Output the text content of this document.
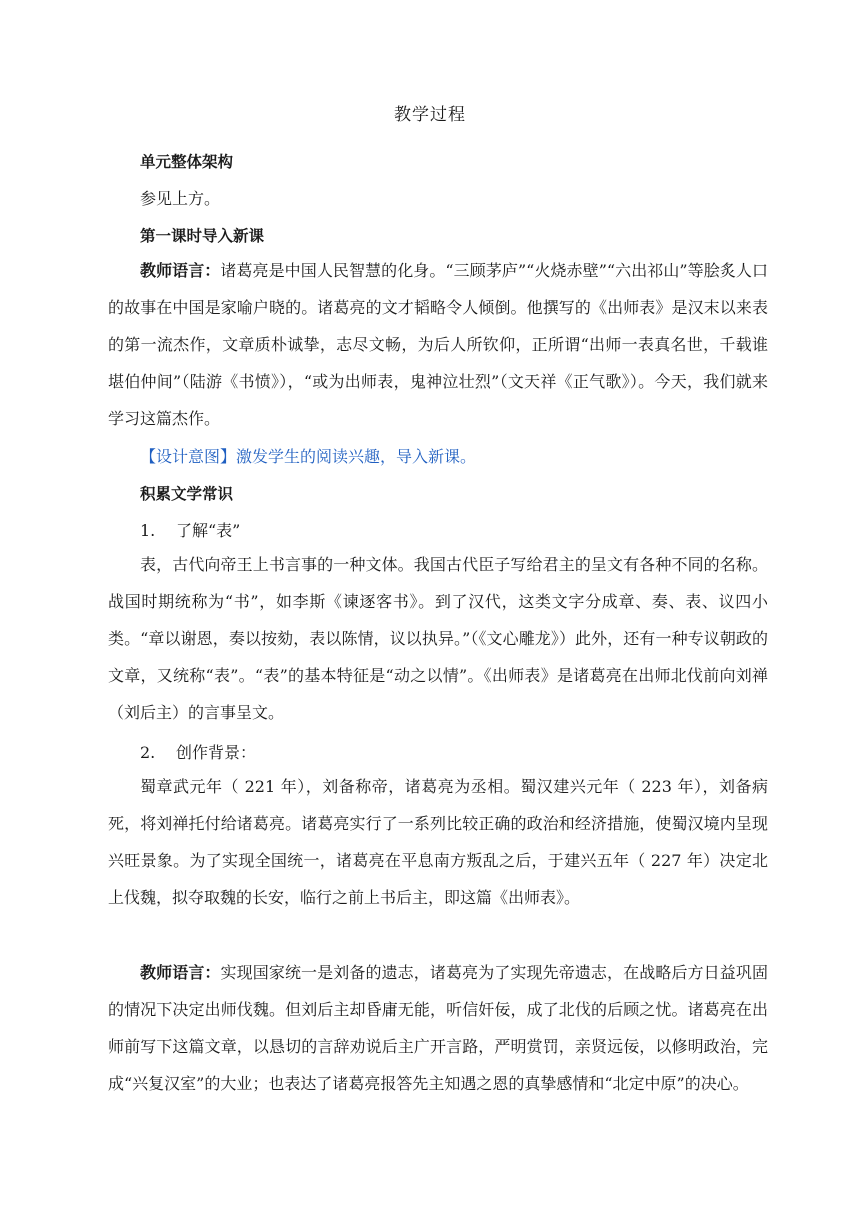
教学过程
单元整体架构
参见上方。
第一课时导入新课
教师语言：诸葛亮是中国人民智慧的化身。“三顾茅庐”“火烧赤壁”“六出祁山”等脍炙人口的故事在中国是家喻户晓的。诸葛亮的文才韬略令人倾倒。他撰写的《出师表》是汉末以来表的第一流杰作，文章质朴诚挚，志尽文畅，为后人所钦仰，正所谓“出师一表真名世，千载谁堪伯仲间”（陆游《书愤》），“或为出师表，鬼神泣壮烈”（文天祥《正气歌》）。今天，我们就来学习这篇杰作。
【设计意图】激发学生的阅读兴趣，导入新课。
积累文学常识
1. 了解“表”
表，古代向帝王上书言事的一种文体。我国古代臣子写给君主的呈文有各种不同的名称。战国时期统称为“书”，如李斯《谏逐客书》。到了汉代，这类文字分成章、奏、表、议四小类。“章以谢恩，奏以按劾，表以陈情，议以执异。”（《文心雕龙》）此外，还有一种专议朝政的文章，又统称“表”。“表”的基本特征是“动之以情”。《出师表》是诸葛亮在出师北伐前向刘禅（刘后主）的言事呈文。
2. 创作背景：
蜀章武元年（ 221 年），刘备称帝，诸葛亮为丞相。蜀汉建兴元年（ 223 年），刘备病死，将刘禅托付给诸葛亮。诸葛亮实行了一系列比较正确的政治和经济措施，使蜀汉境内呈现兴旺景象。为了实现全国统一，诸葛亮在平息南方叛乱之后，于建兴五年（ 227 年）决定北上伐魏，拟夺取魏的长安，临行之前上书后主，即这篇《出师表》。
教师语言：实现国家统一是刘备的遗志，诸葛亮为了实现先帝遗志，在战略后方日益巩固的情况下决定出师伐魏。但刘后主却昏庸无能，听信奸佞，成了北伐的后顾之忧。诸葛亮在出师前写下这篇文章，以恳切的言辞劝说后主广开言路，严明赏罚，亲贤远佞，以修明政治，完成“兴复汉室”的大业；也表达了诸葛亮报答先主知遇之恩的真挚感情和“北定中原”的决心。
